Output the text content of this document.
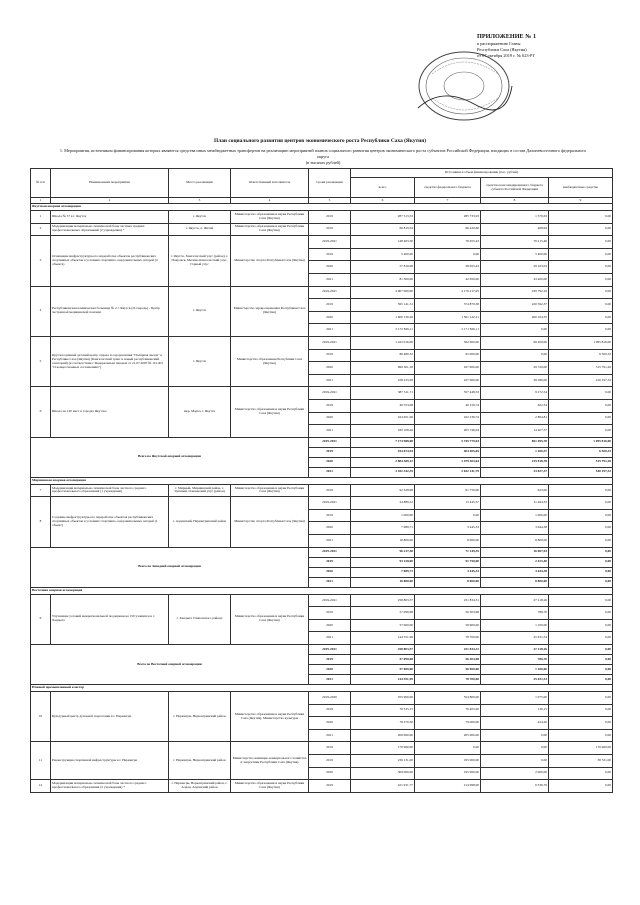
ПРИЛОЖЕНИЕ № 1
к распоряжению Главы
Республики Саха (Якутия)
от 07 октября 2019 г. № 623-РГ
План социального развития центров экономического роста Республики Саха (Якутия)

1. Мероприятия, источником финансирования которых являются средства иных межбюджетных трансфертов на реализацию мероприятий планов социального развития центров экономического роста субъектов Российской Федерации, входящих в состав Дальневосточного федерального округа

(в тысячах рублей)

№ п/п	Наименование мероприятия	Место реализации	Ответственный исполнитель	Сроки реализации	Источники и объем финансирования (тыс. рублей)			
					всего	средства федерального бюджета	средства консолидированного бюджета субъекта Российской Федерации	внебюджетные средства
1	2	3	4	5	6	7	8	9
Якутская опорная агломерация								
1	Школа № 37 в г. Якутск	г. Якутск	Министерство образования и науки Республики Саха (Якутия)	2019	287 513,53	285 733,93	1 579,63	0,00
2	Модернизация материально-технической базы частных средних профессиональных образований (2 учреждения) *	г. Якутск, п. Жатай	Министерство образования и науки Республики Саха (Якутия)	2019	66 819,54	66 420,60	408,94	0,00
3	Оснащение инфраструктуры по переработке объектов республиканских спортивных объектов в условиях спортивно-оздоровительных лагерей (4 объекта)	г. Якутск, Хангаласский улус (район), г. Покровск, Мегино-Кангаласский улус, Горный улус	Министерство спорта Республики Саха (Якутия)	2019-2021	148 403,50	76 655,43	76 215,40	0,00
				2019	5 400,00	0,00	5 400,00	0,00
				2020	57 816,08	28 655,43	29 163,03	0,00
				2021	81 300,00	42 650,00	43 400,00	0,00
4	Республиканская клиническая больница № 2 г. Якутск (II очередь) - Центр экстренной медицинской помощи	г. Якутск	Министерство здравоохранения Республики Саха (Якутия)	2019-2021	4 907 000,00	4 176 217,95	439 792,16	0,00
				2019	595 141,51	374 879,38	220 592,37	0,00
				2020	1 600 130,26	1 561 142,21	200 104,35	0,00
				2021	2 172 826,11	2 171 826,11	0,00	0,00
5	Круглогодичный детский центр отдыха и оздоровления "Полярная звезда" в Республике Саха (Якутия) (Кангаласский тракт и новый республиканский санаторий) (в соответствии с Федеральным законом от 21.07.2005 № 115-ФЗ "О концессионных соглашениях")	г. Якутск	Министерство образования Республики Саха (Якутия)	2019-2021	1 422 016,00	362 000,00	69 200,00	1 095 816,00
				2019	86 480,32	65 000,00	0,00	6 500,32
				2020	699 301,18	167 000,00	29 720,00	515 791,26
				2021	228 233,28	167 000,00	39 280,00	416 197,32
6	Школа на 120 мест в городах Якутска	мкр. Марха, г. Якутск	Министерство образования и науки Республики Саха (Якутия)	2019-2021	387 311,71	357 448,53	9 272,54	0,00
				2019	40 553,08	40 150,74	402,34	0,00
				2020	164 651,06	162 236,74	2 864,81	0,00
				2021	182 108,26	205 746,04	14 407,37	0,00
Всего по Якутской опорной агломерации				2019-2021	7 174 988,08	5 745 779,64	851 495,78	1 095 816,00
				2019	434 674,94	404 405,65	1 260,37	6 500,32
				2020	2 884 389,12	1 479 303,64	215 818,78	515 791,26
				2021	3 182 342,35	2 632 141,79	23 827,37	540 197,32
Мирнинская опорная агломерация								
7	Модернизация материально-технической базы частного среднего профессионального образования (1 учреждение)	г. Мирный, Мирнинский район, г. Удачный, Оленекский улус (район)	Министерство образования и науки Республики Саха (Якутия)	2019	92 328,08	91 750,00	623,00	0,00
8	Создание инфраструктуры по переработке объектов республиканских спортивных объектов в условиях спортивно-оздоровительных лагерей (1 объект)	г. Алданский, Нерюнгринский район	Министерство спорта Республики Саха (Якутия)	2019-2021	24 889,12	13 445,37	11 464,33	0,00
				2019	1 000,00	0,00	1 000,00	0,00
				2020	7 089,71	3 445,33	3 644,38	0,00
				2021	16 800,00	8 000,00	8 800,00	0,00
Всего по Западной опорной агломерации				2019-2021	96 217,58	71 149,35	16 067,93	0,00
				2019	93 128,00	91 750,00	2 423,40	0,00
				2020	7 089,71	3 445,33	3 644,38	0,00
				2021	16 800,00	8 000,00	8 800,00	0,00
Восточная опорная агломерация								
9	Улучшение условий межрегиональной поддержки на 150 учащихся в г. Хандыга	г. Хандыга Томпонского района	Министерство образования и науки Республики Саха (Якутия)	2019-2021	258 803,57	231 834,31	27 218,26	0,00
				2019	57 090,68	56 303,98	786,70	0,00
				2020	57 000,00	56 900,00	1 100,00	0,00
				2021	144 551,99	78 700,00	25 631,54	0,00
Всего по Восточной опорной агломерации				2019-2021	258 803,57	231 834,31	27 218,26	0,00
				2019	57 090,68	56 303,98	786,70	0,00
				2020	57 000,00	56 900,00	1 100,00	0,00
				2021	144 551,99	78 700,00	25 631,54	0,00
Южный промышленный кластер								
10	Культурный центр духовной подготовки в г. Нерюнгри	г. Нерюнгри, Нерюнгринский район	Министерство образования и науки Республики Саха (Якутия), Министерство культуры	2019-2020	355 900,00	354 800,00	1 075,00	0,00
				2019	70 535,15	70 405,00	130,15	0,00
				2020	79 270,30	79 000,00	424,20	0,00
				2021	206 000,00	205 000,00	0,00	0,00
11	Реконструкция спортивной инфраструктуры в г. Нерюнгри	г. Нерюнгри, Нерюнгринский район	Министерство жилищно-коммунального хозяйства и энергетики Республики Саха (Якутия)	2019	170 960,00	0,00	0,00	170 960,00
				2019	236 131,00	195 000,00	0,00	38 531,00
				2020	309 000,00	195 000,00	2 000,00	0,00
12	Модернизация материально-технической базы частного среднего профессионального образования (2 учреждения) *	г. Нерюнгри, Нерюнгринский район, г. Алдан, Алданский район	Министерство образования и науки Республики Саха (Якутия)	2019	221 931,77	214 998,00	6 536,79	0,00
